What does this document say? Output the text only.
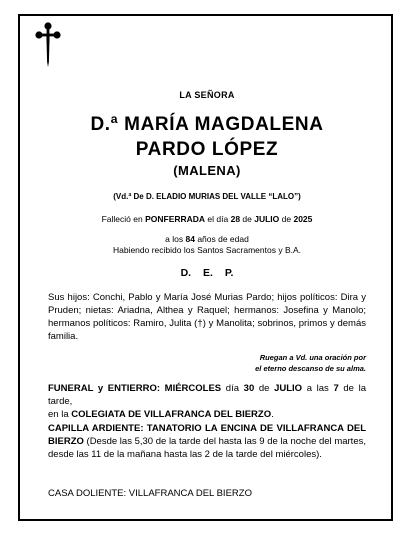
LA SEÑORA
D.ª MARÍA MAGDALENA
PARDO LÓPEZ
(MALENA)
(Vd.ª De D. ELADIO MURIAS DEL VALLE “LALO”)
Falleció en PONFERRADA el día 28 de JULIO de 2025
a los 84 años de edad
Habiendo recibido los Santos Sacramentos y B.A.
D. E. P.
Sus hijos: Conchi, Pablo y María José Murias Pardo; hijos políticos: Dira y Pruden; nietas: Ariadna, Althea y Raquel; hermanos: Josefina y Manolo; hermanos políticos: Ramiro, Julita (†) y Manolita; sobrinos, primos y demás familia.
Ruegan a Vd. una oración por
el eterno descanso de su alma.
FUNERAL y ENTIERRO: MIÉRCOLES día 30 de JULIO a las 7 de la tarde,
en la COLEGIATA DE VILLAFRANCA DEL BIERZO.
CAPILLA ARDIENTE: TANATORIO LA ENCINA DE VILLAFRANCA DEL BIERZO (Desde las 5,30 de la tarde del hasta las 9 de la noche del martes, desde las 11 de la mañana hasta las 2 de la tarde del miércoles).
CASA DOLIENTE: VILLAFRANCA DEL BIERZO
